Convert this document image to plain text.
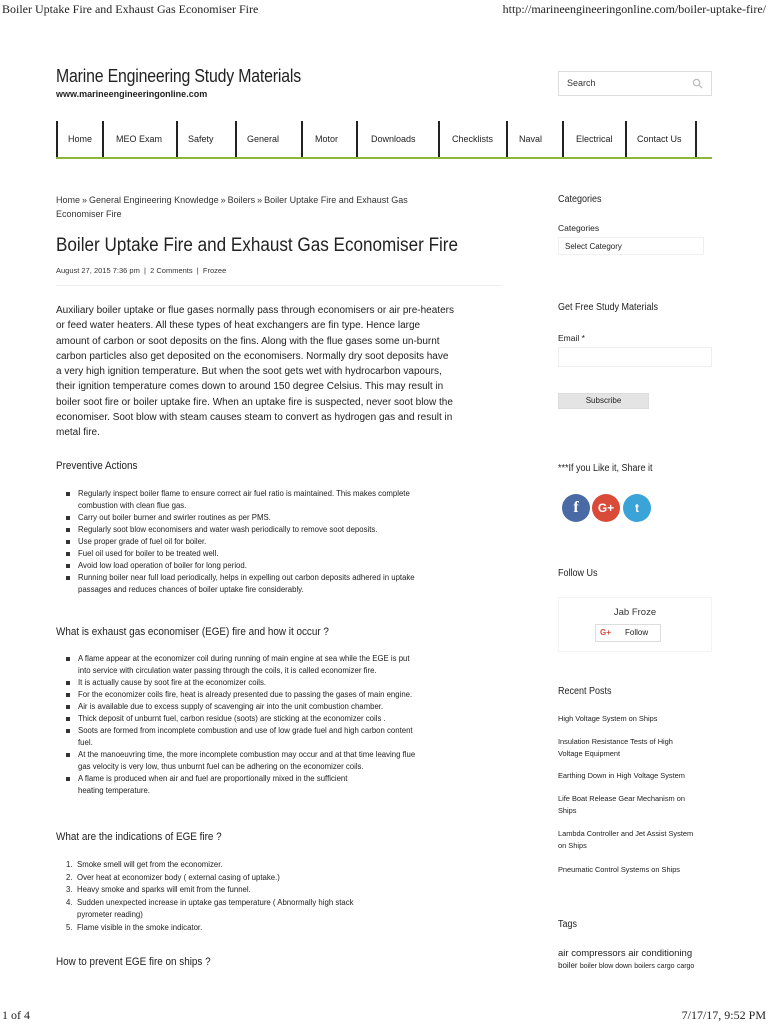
Boiler Uptake Fire and Exhaust Gas Economiser Fire	http://marineengineeringonline.com/boiler-uptake-fire/
Marine Engineering Study Materials
www.marineengineeringonline.com
Search
Home	MEO Exam	Safety	General	Motor	Downloads	Checklists	Naval	Electrical	Contact Us
Home » General Engineering Knowledge » Boilers » Boiler Uptake Fire and Exhaust Gas
Economiser Fire
Boiler Uptake Fire and Exhaust Gas Economiser Fire
August 27, 2015 7:36 pm | 2 Comments | Frozee
Auxiliary boiler uptake or flue gases normally pass through economisers or air pre-heaters
or feed water heaters. All these types of heat exchangers are fin type. Hence large
amount of carbon or soot deposits on the fins. Along with the flue gases some un-burnt
carbon particles also get deposited on the economisers. Normally dry soot deposits have
a very high ignition temperature. But when the soot gets wet with hydrocarbon vapours,
their ignition temperature comes down to around 150 degree Celsius. This may result in
boiler soot fire or boiler uptake fire. When an uptake fire is suspected, never soot blow the
economiser. Soot blow with steam causes steam to convert as hydrogen gas and result in
metal fire.
Preventive Actions
Regularly inspect boiler flame to ensure correct air fuel ratio is maintained. This makes complete
combustion with clean flue gas.
Carry out boiler burner and swirler routines as per PMS.
Regularly soot blow economisers and water wash periodically to remove soot deposits.
Use proper grade of fuel oil for boiler.
Fuel oil used for boiler to be treated well.
Avoid low load operation of boiler for long period.
Running boiler near full load periodically, helps in expelling out carbon deposits adhered in uptake
passages and reduces chances of boiler uptake fire considerably.
What is exhaust gas economiser (EGE) fire and how it occur ?
A flame appear at the economizer coil during running of main engine at sea while the EGE is put
into service with circulation water passing through the coils, it is called economizer fire.
It is actually cause by soot fire at the economizer coils.
For the economizer coils fire, heat is already presented due to passing the gases of main engine.
Air is available due to excess supply of scavenging air into the unit combustion chamber.
Thick deposit of unburnt fuel, carbon residue (soots) are sticking at the economizer coils .
Soots are formed from incomplete combustion and use of low grade fuel and high carbon content
fuel.
At the manoeuvring time, the more incomplete combustion may occur and at that time leaving flue
gas velocity is very low, thus unburnt fuel can be adhering on the economizer coils.
A flame is produced when air and fuel are proportionally mixed in the sufficient
heating temperature.
What are the indications of EGE fire ?
1. Smoke smell will get from the economizer.
2. Over heat at economizer body ( external casing of uptake.)
3. Heavy smoke and sparks will emit from the funnel.
4. Sudden unexpected increase in uptake gas temperature ( Abnormally high stack
pyrometer reading)
5. Flame visible in the smoke indicator.
How to prevent EGE fire on ships ?
Categories
Categories
Select Category
Get Free Study Materials
Email *
Subscribe
***If you Like it, Share it
f	G+	t
Follow Us
Jab Froze
G+ Follow
Recent Posts
High Voltage System on Ships
Insulation Resistance Tests of High
Voltage Equipment
Earthing Down in High Voltage System
Life Boat Release Gear Mechanism on
Ships
Lambda Controller and Jet Assist System
on Ships
Pneumatic Control Systems on Ships
Tags
air compressors air conditioning
boiler boiler blow down boilers cargo cargo
1 of 4	7/17/17, 9:52 PM
